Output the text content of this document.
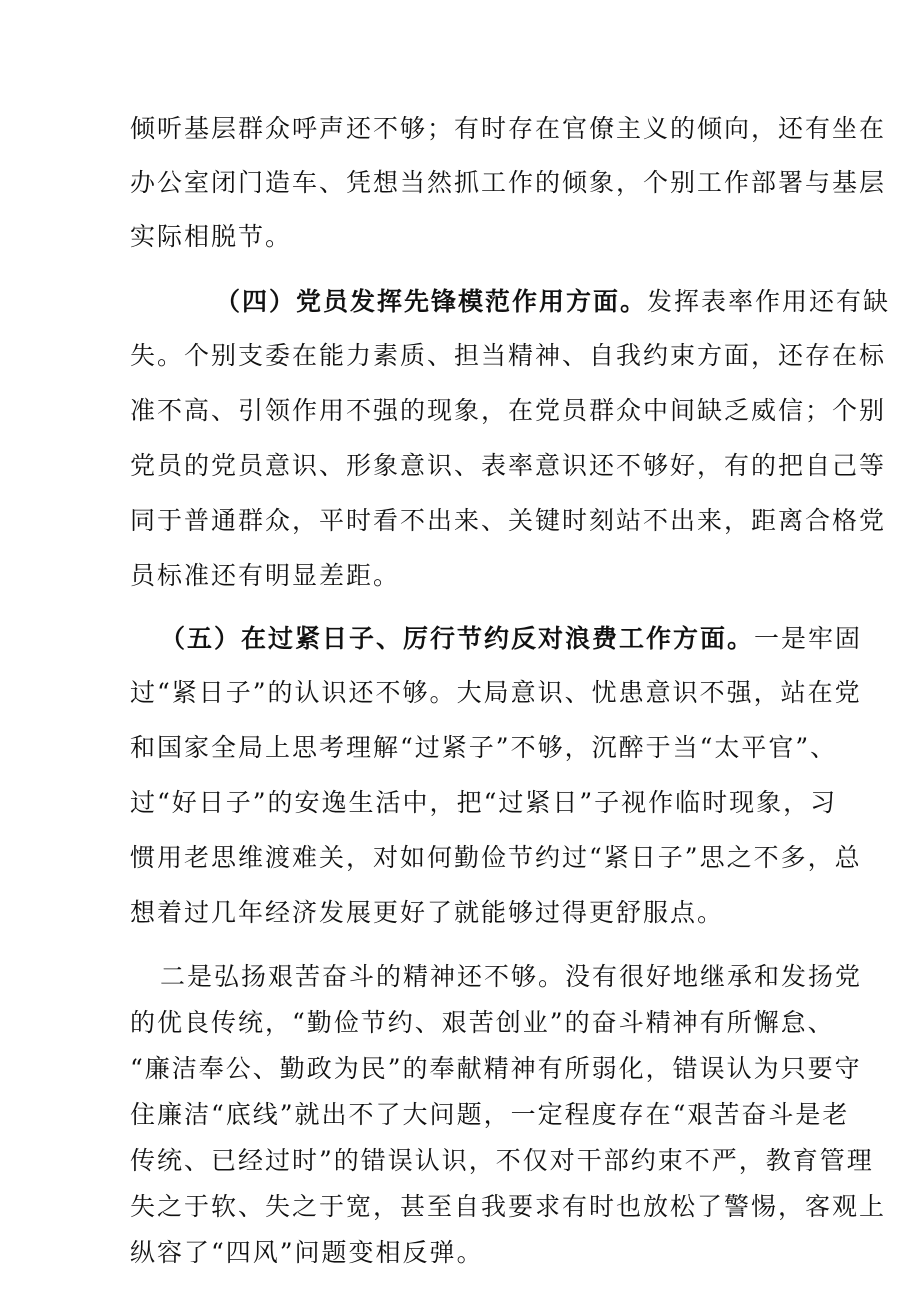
倾听基层群众呼声还不够；有时存在官僚主义的倾向，还有坐在
办公室闭门造车、凭想当然抓工作的倾象，个别工作部署与基层
实际相脱节。
（四）党员发挥先锋模范作用方面。发挥表率作用还有缺
失。个别支委在能力素质、担当精神、自我约束方面，还存在标
准不高、引领作用不强的现象，在党员群众中间缺乏威信；个别
党员的党员意识、形象意识、表率意识还不够好，有的把自己等
同于普通群众，平时看不出来、关键时刻站不出来，距离合格党
员标准还有明显差距。
（五）在过紧日子、厉行节约反对浪费工作方面。一是牢固
过“紧日子”的认识还不够。大局意识、忧患意识不强，站在党
和国家全局上思考理解“过紧子”不够，沉醉于当“太平官”、
过“好日子”的安逸生活中，把“过紧日”子视作临时现象，习
惯用老思维渡难关，对如何勤俭节约过“紧日子”思之不多，总
想着过几年经济发展更好了就能够过得更舒服点。
二是弘扬艰苦奋斗的精神还不够。没有很好地继承和发扬党
的优良传统，“勤俭节约、艰苦创业”的奋斗精神有所懈怠、
“廉洁奉公、勤政为民”的奉献精神有所弱化，错误认为只要守
住廉洁“底线”就出不了大问题，一定程度存在“艰苦奋斗是老
传统、已经过时”的错误认识，不仅对干部约束不严，教育管理
失之于软、失之于宽，甚至自我要求有时也放松了警惕，客观上
纵容了“四风”问题变相反弹。
